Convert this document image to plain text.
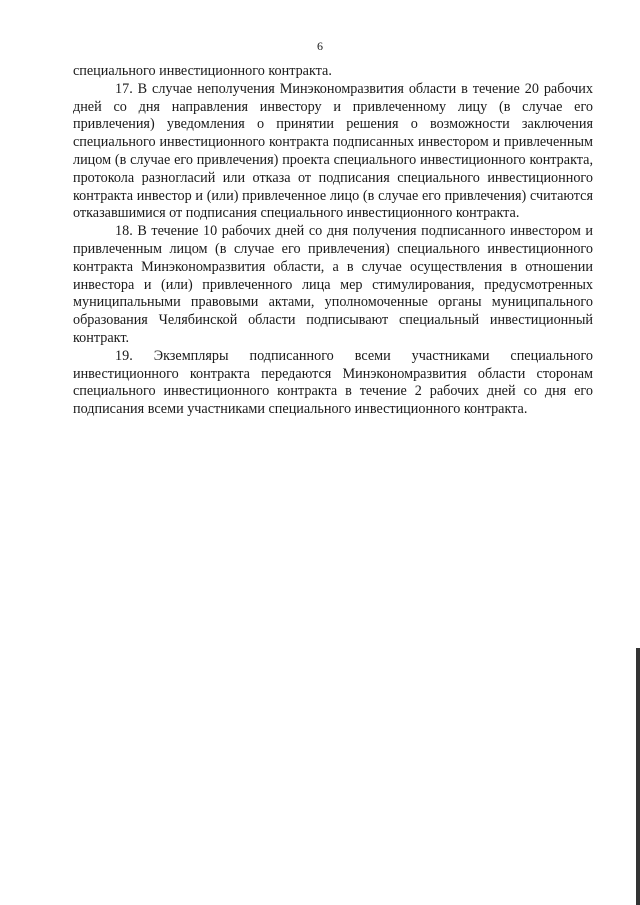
6

специального инвестиционного контракта.

17. В случае неполучения Минэкономразвития области в течение 20 рабочих дней со дня направления инвестору и привлеченному лицу (в случае его привлечения) уведомления о принятии решения о возможности заключения специального инвестиционного контракта подписанных инвестором и привлеченным лицом (в случае его привлечения) проекта специального инвестиционного контракта, протокола разногласий или отказа от подписания специального инвестиционного контракта инвестор и (или) привлеченное лицо (в случае его привлечения) считаются отказавшимися от подписания специального инвестиционного контракта.

18. В течение 10 рабочих дней со дня получения подписанного инвестором и привлеченным лицом (в случае его привлечения) специального инвестиционного контракта Минэкономразвития области, а в случае осуществления в отношении инвестора и (или) привлеченного лица мер стимулирования, предусмотренных муниципальными правовыми актами, уполномоченные органы муниципального образования Челябинской области подписывают специальный инвестиционный контракт.

19. Экземпляры подписанного всеми участниками специального инвестиционного контракта передаются Минэкономразвития области сторонам специального инвестиционного контракта в течение 2 рабочих дней со дня его подписания всеми участниками специального инвестиционного контракта.
